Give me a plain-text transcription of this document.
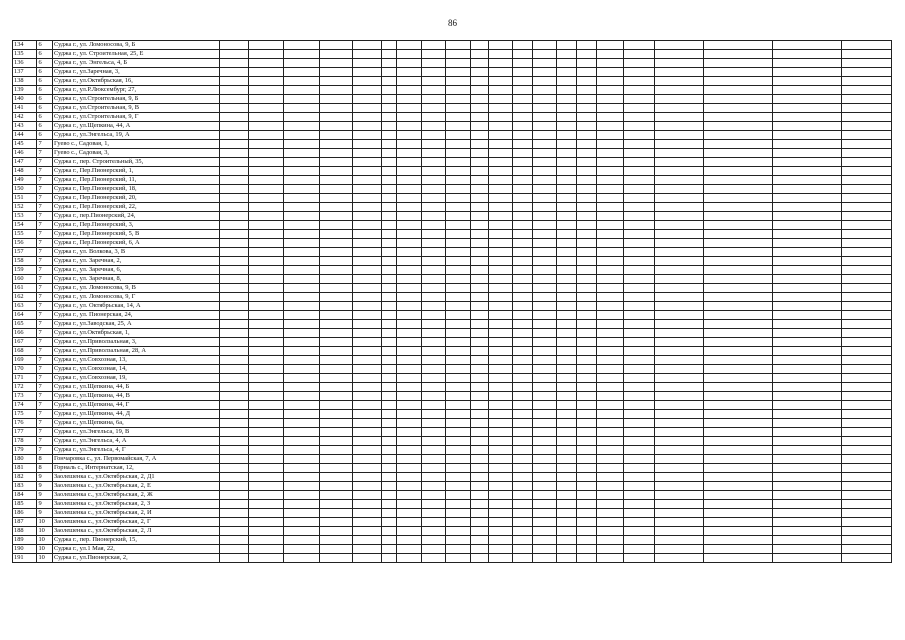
86
134	6	Суджа г., ул. Ломоносова, 9, Б																					
135	6	Суджа г., ул. Строительная, 25, Е																					
136	6	Суджа г., ул. Энгельса, 4, Б																					
137	6	Суджа г., ул.Заречная, 3,																					
138	6	Суджа г., ул.Октябрьская, 16,																					
139	6	Суджа г., ул.Р.Люксембург, 27,																					
140	6	Суджа г., ул.Строительная, 9, Б																					
141	6	Суджа г., ул.Строительная, 9, В																					
142	6	Суджа г., ул.Строительная, 9, Г																					
143	6	Суджа г., ул.Щепкина, 44, А																					
144	6	Суджа г., ул.Энгельса, 19, А																					
145	7	Гуево с., Садовая, 1,																					
146	7	Гуево с., Садовая, 3,																					
147	7	Суджа г., пер. Строительный, 35,																					
148	7	Суджа г., Пер.Пионерский, 1,																					
149	7	Суджа г., Пер.Пионерский, 11,																					
150	7	Суджа г., Пер.Пионерский, 18,																					
151	7	Суджа г., Пер.Пионерский, 20,																					
152	7	Суджа г., Пер.Пионерский, 22,																					
153	7	Суджа г., пер.Пионерский, 24,																					
154	7	Суджа г., Пер.Пионерский, 3,																					
155	7	Суджа г., Пер.Пионерский, 5, В																					
156	7	Суджа г., Пер.Пионерский, 6, А																					
157	7	Суджа г., ул. Волкова, 3, В																					
158	7	Суджа г., ул. Заречная, 2,																					
159	7	Суджа г., ул. Заречная, 6,																					
160	7	Суджа г., ул. Заречная, 8,																					
161	7	Суджа г., ул. Ломоносова, 9, В																					
162	7	Суджа г., ул. Ломоносова, 9, Г																					
163	7	Суджа г., ул. Октябрьская, 14, А																					
164	7	Суджа г., ул. Пионерская, 24,																					
165	7	Суджа г., ул.Заводская, 25, А																					
166	7	Суджа г., ул.Октябрьская, 1,																					
167	7	Суджа г., ул.Приволзальная, 3,																					
168	7	Суджа г., ул.Приволзальная, 28, А																					
169	7	Суджа г., ул.Совхозная, 13,																					
170	7	Суджа г., ул.Совхозная, 14,																					
171	7	Суджа г., ул.Совхозная, 19,																					
172	7	Суджа г., ул.Щепкина, 44, Б																					
173	7	Суджа г., ул.Щепкина, 44, В																					
174	7	Суджа г., ул.Щепкина, 44, Г																					
175	7	Суджа г., ул.Щепкина, 44, Д																					
176	7	Суджа г., ул.Щепкина, 6а,																					
177	7	Суджа г., ул.Энгельса, 19, В																					
178	7	Суджа г., ул.Энгельса, 4, А																					
179	7	Суджа г., ул.Энгельса, 4, Г																					
180	8	Гончаровка с., ул. Первомайская, 7, А																					
181	8	Горналь с., Интернатская, 12,																					
182	9	Заолешенка с., ул.Октябрьская, 2, Д1																					
183	9	Заолешенка с., ул.Октябрьская, 2, Е																					
184	9	Заолешенка с., ул.Октябрьская, 2, Ж																					
185	9	Заолешенка с., ул.Октябрьская, 2, З																					
186	9	Заолешенка с., ул.Октябрьская, 2, И																					
187	10	Заолешенка с., ул.Октябрьская, 2, Г																					
188	10	Заолешенка с., ул.Октябрьская, 2, Л																					
189	10	Суджа г., пер. Пионерский, 15,																					
190	10	Суджа г., ул.1 Мая, 22,																					
191	10	Суджа г., ул.Пионерская, 2,																					
